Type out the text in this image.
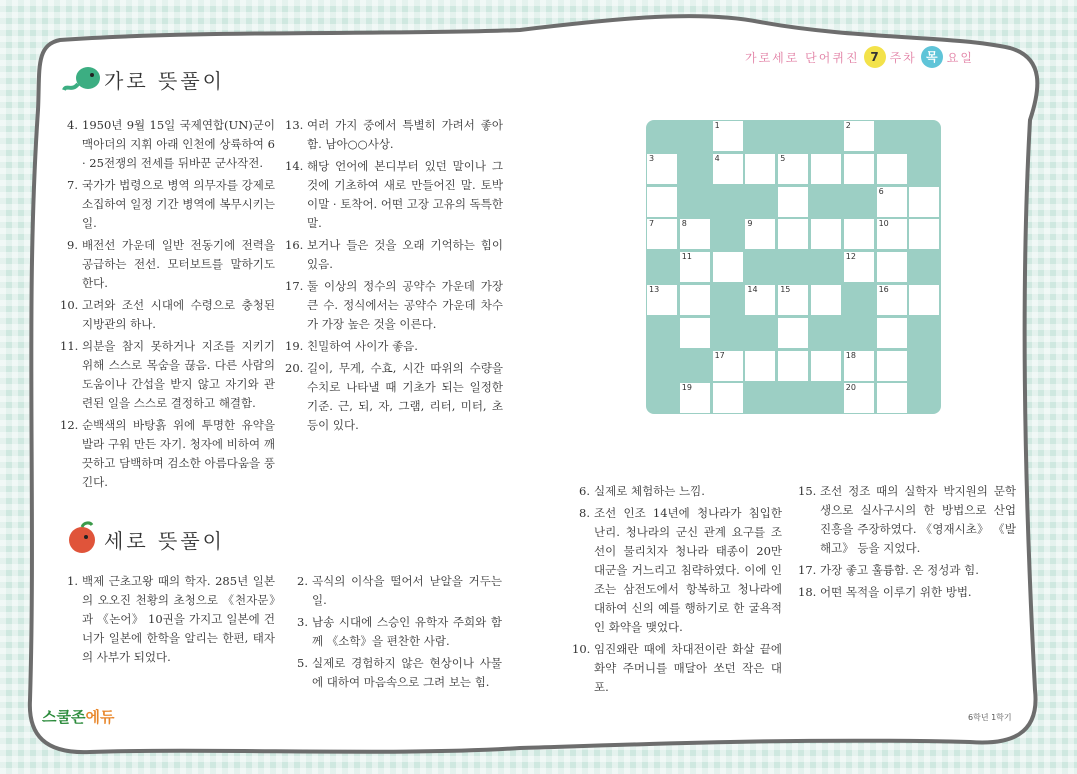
가로세로 단어퀴진 7 주차 목 요일
가로 뜻풀이
4. 1950년 9월 15일 국제연합(UN)군이 맥아더의 지휘 아래 인천에 상륙하여 6 · 25전쟁의 전세를 뒤바꾼 군사작전.
7. 국가가 법령으로 병역 의무자를 강제로 소집하여 일정 기간 병역에 복무시키는 일.
9. 배전선 가운데 일반 전동기에 전력을 공급하는 전선. 모터보트를 말하기도 한다.
10. 고려와 조선 시대에 수령으로 충청된 지방관의 하나.
11. 의분을 참지 못하거나 지조를 지키기 위해 스스로 목숨을 끊음. 다른 사람의 도움이나 간섭을 받지 않고 자기와 관련된 일을 스스로 결정하고 해결함.
12. 순백색의 바탕흙 위에 투명한 유약을 발라 구워 만든 자기. 청자에 비하여 깨끗하고 담백하며 검소한 아름다움을 풍긴다.
13. 여러 가지 중에서 특별히 가려서 좋아함. 남아○○사상.
14. 해당 언어에 본디부터 있던 말이나 그것에 기초하여 새로 만들어진 말. 토박이말 · 토착어. 어떤 고장 고유의 독특한 말.
16. 보거나 들은 것을 오래 기억하는 힘이 있음.
17. 둘 이상의 정수의 공약수 가운데 가장 큰 수. 정식에서는 공약수 가운데 차수가 가장 높은 것을 이른다.
19. 친밀하여 사이가 좋음.
20. 길이, 무게, 수효, 시간 따위의 수량을 수치로 나타낼 때 기초가 되는 일정한 기준. 근, 되, 자, 그램, 리터, 미터, 초 등이 있다.
1	2
3	4	5
6
7	8	9	10
11	12
13	14	15	16
17	18
19	20
세로 뜻풀이
1. 백제 근초고왕 때의 학자. 285년 일본의 오오진 천황의 초청으로 《천자문》과 《논어》 10권을 가지고 일본에 건너가 일본에 한학을 알리는 한편, 태자의 사부가 되었다.
2. 곡식의 이삭을 떨어서 낟알을 거두는 일.
3. 남송 시대에 스승인 유학자 주희와 함께 《소학》을 편찬한 사람.
5. 실제로 경험하지 않은 현상이나 사물에 대하여 마음속으로 그려 보는 힘.
6. 실제로 체험하는 느낌.
8. 조선 인조 14년에 청나라가 침입한 난리. 청나라의 군신 관계 요구를 조선이 물리치자 청나라 태종이 20만 대군을 거느리고 침략하였다. 이에 인조는 삼전도에서 항복하고 청나라에 대하여 신의 예를 행하기로 한 굴욕적인 화약을 맺었다.
10. 임진왜란 때에 차대전이란 화살 끝에 화약 주머니를 매달아 쏘던 작은 대포.
15. 조선 정조 때의 실학자 박지원의 문학생으로 실사구시의 한 방법으로 산업 진흥을 주장하였다. 《영재시초》 《발해고》 등을 지었다.
17. 가장 좋고 훌륭함. 온 정성과 힘.
18. 어떤 목적을 이루기 위한 방법.
스쿨존에듀	6학년 1학기
